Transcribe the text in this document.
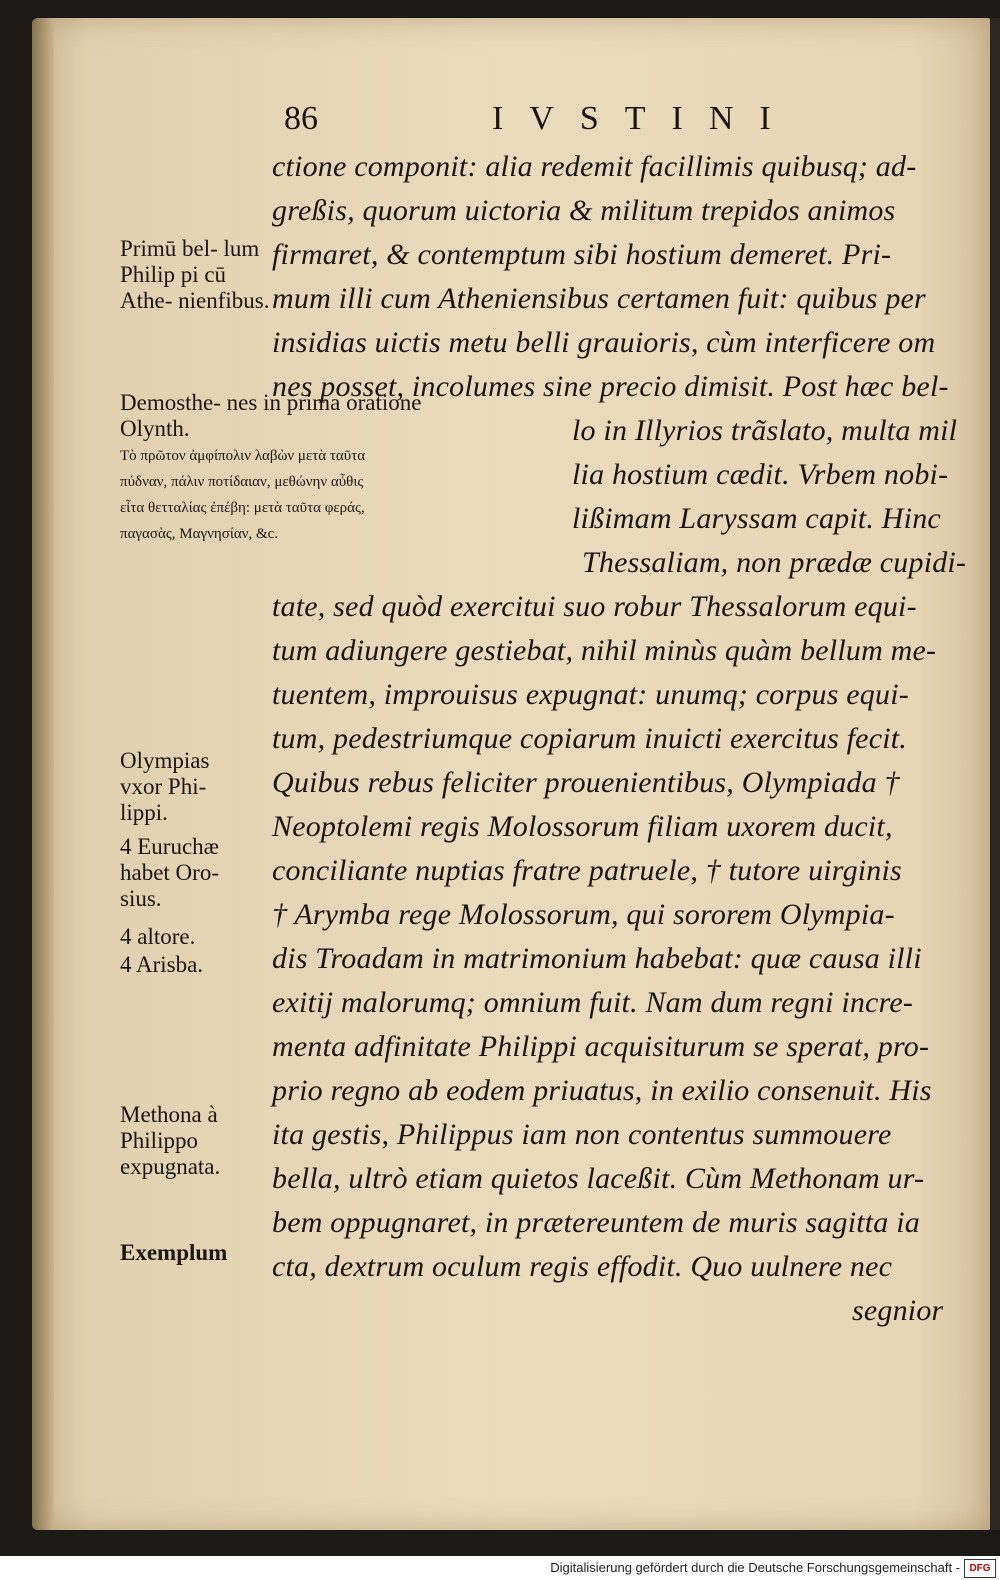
86	IVSTINI
ctione componit: alia redemit facillimis quibusq; ad-
greßis, quorum uictoria & militum trepidos animos
firmaret, & contemptum sibi hostium demeret. Pri-
mum illi cum Atheniensibus certamen fuit: quibus per
insidias uictis metu belli grauioris, cùm interficere om
nes posset, incolumes sine precio dimisit. Post hæc bel-
lo in Illyrios trãslato, multa mil
lia hostium cædit. Vrbem nobi-
lißimam Laryssam capit. Hinc
Thessaliam, non prædæ cupidi-
tate, sed quòd exercitui suo robur Thessalorum equi-
tum adiungere gestiebat, nihil minùs quàm bellum me-
tuentem, improuisus expugnat: unumq; corpus equi-
tum, pedestriumque copiarum inuicti exercitus fecit.
Quibus rebus feliciter prouenientibus, Olympiada †
Neoptolemi regis Molossorum filiam uxorem ducit,
conciliante nuptias fratre patruele, † tutore uirginis
† Arymba rege Molossorum, qui sororem Olympia-
dis Troadam in matrimonium habebat: quæ causa illi
exitij malorumq; omnium fuit. Nam dum regni incre-
menta adfinitate Philippi acquisiturum se sperat, pro-
prio regno ab eodem priuatus, in exilio consenuit. His
ita gestis, Philippus iam non contentus summouere
bella, ultrò etiam quietos laceßit. Cùm Methonam ur-
bem oppugnaret, in prætereuntem de muris sagitta ia
cta, dextrum oculum regis effodit. Quo uulnere nec
segnior
Primū bel- lum Philip pi cū Athe- nienfibus.
Demosthe- nes in prima oratione Olynth.
Τὸ πρῶτον ἀμφίπολιν λαβὼν μετὰ ταῦτα
πύδναν, πάλιν ποτίδαιαν, μεθώνην αὖθις
εἶτα θετταλίας ἐπέβη: μετὰ ταῦτα φεράς,
παγασὰς, Μαγνησίαν, &c.
Olympias vxor Phi- lippi.
4 Euruchæ habet Oro- sius.
4 altore.
4 Arisba.
Methona à Philippo expugnata.
Exemplum
Digitalisierung gefördert durch die Deutsche Forschungsgemeinschaft - DFG
